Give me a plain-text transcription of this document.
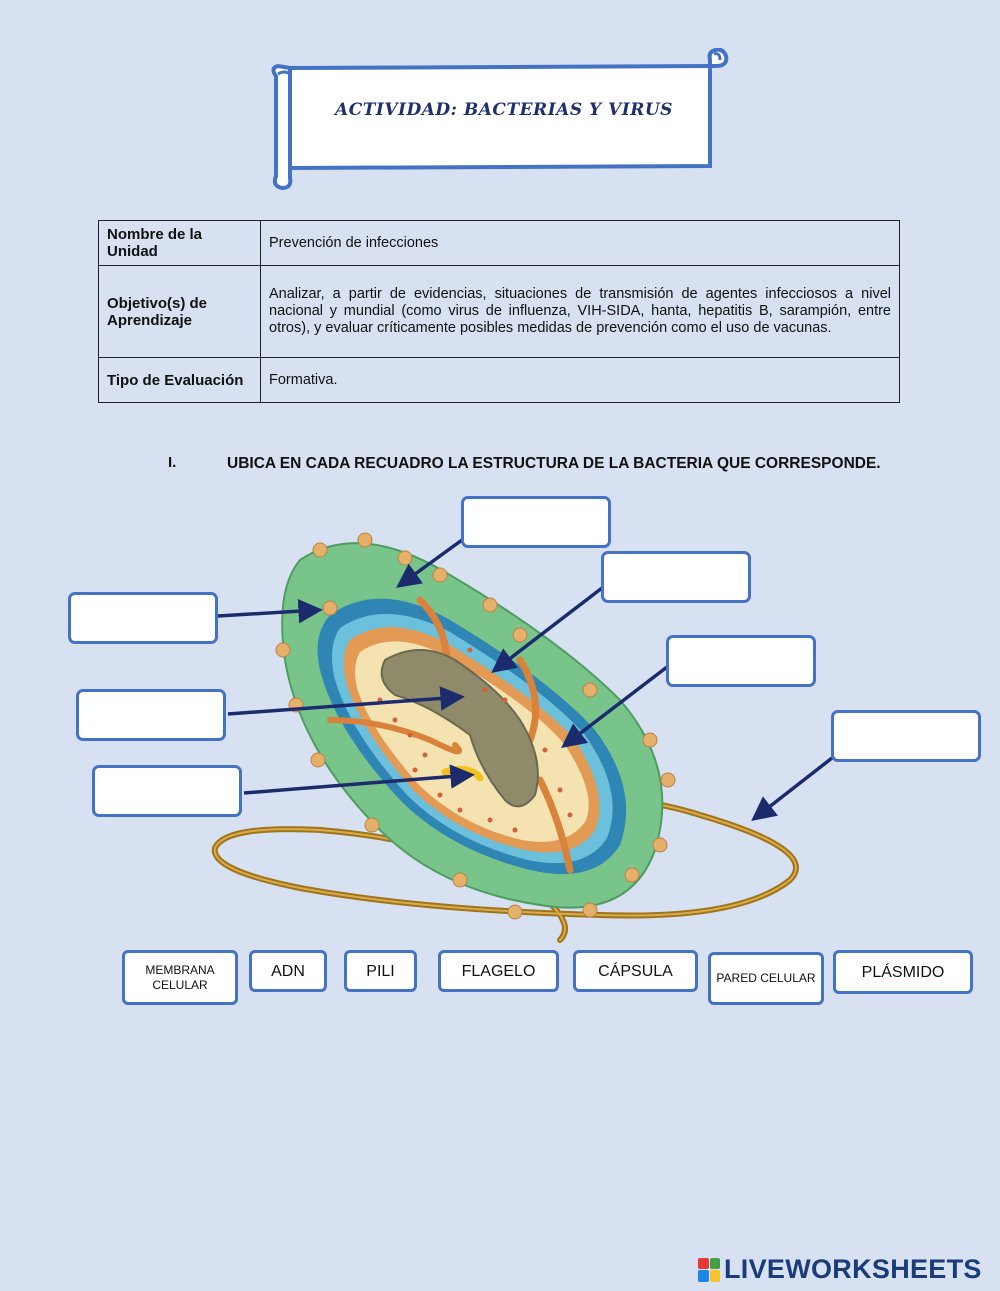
ACTIVIDAD: BACTERIAS Y VIRUS
Nombre de la Unidad	Prevención de infecciones
Objetivo(s) de Aprendizaje	Analizar, a partir de evidencias, situaciones de transmisión de agentes infecciosos a nivel nacional y mundial (como virus de influenza, VIH-SIDA, hanta, hepatitis B, sarampión, entre otros), y evaluar críticamente posibles medidas de prevención como el uso de vacunas.
Tipo de Evaluación	Formativa.
I.	UBICA EN CADA RECUADRO LA ESTRUCTURA DE LA BACTERIA QUE CORRESPONDE.
MEMBRANA CELULAR
ADN	PILI	FLAGELO	CÁPSULA	PARED CELULAR	PLÁSMIDO
LIVEWORKSHEETS
